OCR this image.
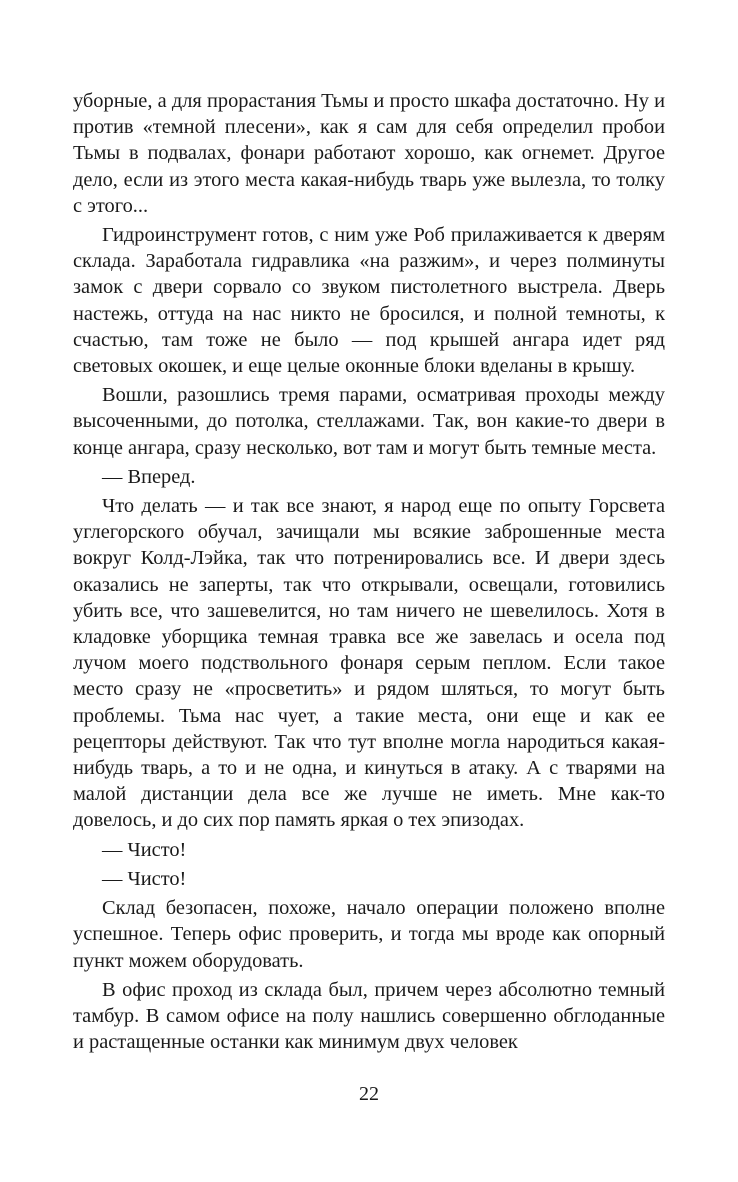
уборные, а для прорастания Тьмы и просто шкафа достаточно. Ну и против «темной плесени», как я сам для себя определил пробои Тьмы в подвалах, фонари работают хорошо, как огнемет. Другое дело, если из этого места какая-нибудь тварь уже вылезла, то толку с этого...

Гидроинструмент готов, с ним уже Роб прилаживается к дверям склада. Заработала гидравлика «на разжим», и через полминуты замок с двери сорвало со звуком пистолетного выстрела. Дверь настежь, оттуда на нас никто не бросился, и полной темноты, к счастью, там тоже не было — под крышей ангара идет ряд световых окошек, и еще целые оконные блоки вделаны в крышу.

Вошли, разошлись тремя парами, осматривая проходы между высоченными, до потолка, стеллажами. Так, вон какие-то двери в конце ангара, сразу несколько, вот там и могут быть темные места.

— Вперед.

Что делать — и так все знают, я народ еще по опыту Горсвета углегорского обучал, зачищали мы всякие заброшенные места вокруг Колд-Лэйка, так что потренировались все. И двери здесь оказались не заперты, так что открывали, освещали, готовились убить все, что зашевелится, но там ничего не шевелилось. Хотя в кладовке уборщика темная травка все же завелась и осела под лучом моего подствольного фонаря серым пеплом. Если такое место сразу не «просветить» и рядом шляться, то могут быть проблемы. Тьма нас чует, а такие места, они еще и как ее рецепторы действуют. Так что тут вполне могла народиться какая-нибудь тварь, а то и не одна, и кинуться в атаку. А с тварями на малой дистанции дела все же лучше не иметь. Мне как-то довелось, и до сих пор память яркая о тех эпизодах.

— Чисто!

— Чисто!

Склад безопасен, похоже, начало операции положено вполне успешное. Теперь офис проверить, и тогда мы вроде как опорный пункт можем оборудовать.

В офис проход из склада был, причем через абсолютно темный тамбур. В самом офисе на полу нашлись совершенно обглоданные и растащенные останки как минимум двух человек

22
